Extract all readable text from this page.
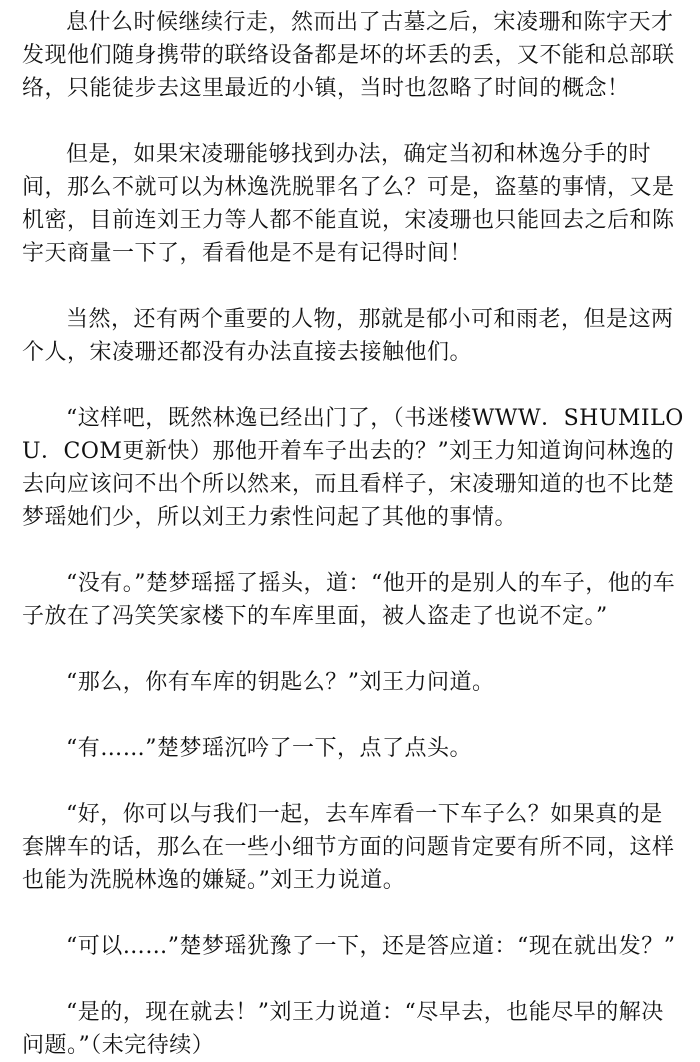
息什么时候继续行走，然而出了古墓之后，宋凌珊和陈宇天才发现他们随身携带的联络设备都是坏的坏丢的丢，又不能和总部联络，只能徒步去这里最近的小镇，当时也忽略了时间的概念！

但是，如果宋凌珊能够找到办法，确定当初和林逸分手的时间，那么不就可以为林逸洗脱罪名了么？可是，盗墓的事情，又是机密，目前连刘王力等人都不能直说，宋凌珊也只能回去之后和陈宇天商量一下了，看看他是不是有记得时间！

当然，还有两个重要的人物，那就是郁小可和雨老，但是这两个人，宋凌珊还都没有办法直接去接触他们。

“这样吧，既然林逸已经出门了，（书迷楼WWW．SHUMILOU．COM更新快）那他开着车子出去的？”刘王力知道询问林逸的去向应该问不出个所以然来，而且看样子，宋凌珊知道的也不比楚梦瑶她们少，所以刘王力索性问起了其他的事情。

“没有。”楚梦瑶摇了摇头，道：“他开的是别人的车子，他的车子放在了冯笑笑家楼下的车库里面，被人盗走了也说不定。”

“那么，你有车库的钥匙么？”刘王力问道。

“有……”楚梦瑶沉吟了一下，点了点头。

“好，你可以与我们一起，去车库看一下车子么？如果真的是套牌车的话，那么在一些小细节方面的问题肯定要有所不同，这样也能为洗脱林逸的嫌疑。”刘王力说道。

“可以……”楚梦瑶犹豫了一下，还是答应道：“现在就出发？”

“是的，现在就去！”刘王力说道：“尽早去，也能尽早的解决问题。”（未完待续）
